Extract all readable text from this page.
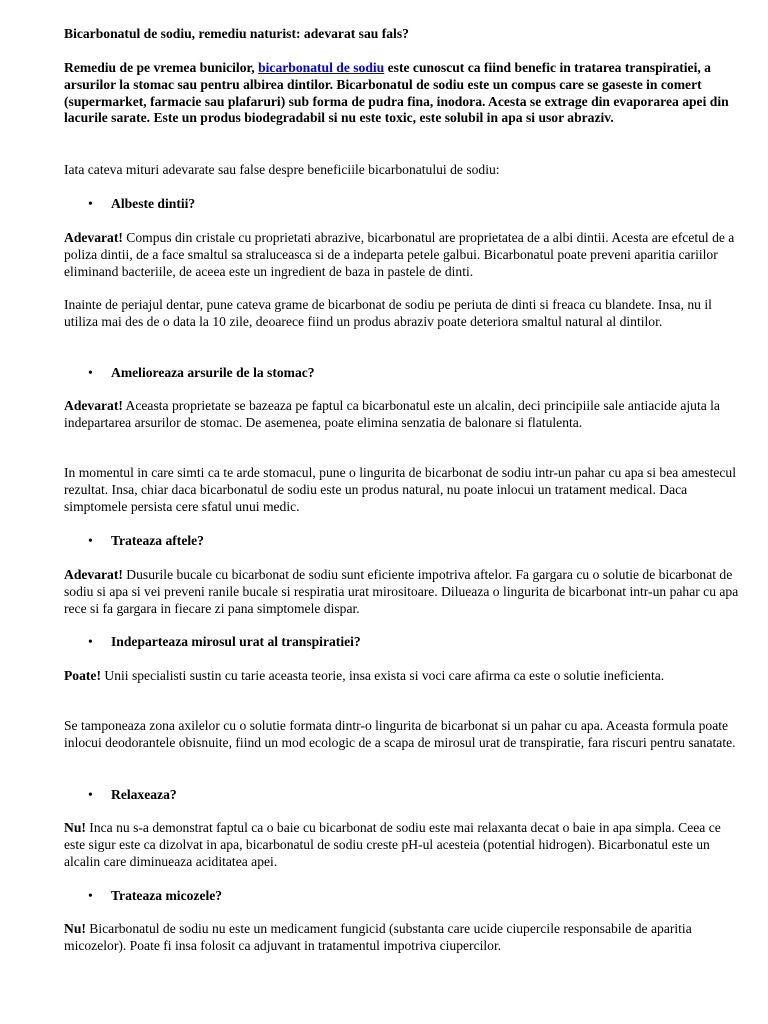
Bicarbonatul de sodiu, remediu naturist: adevarat sau fals?

Remediu de pe vremea bunicilor, bicarbonatul de sodiu este cunoscut ca fiind benefic in tratarea transpiratiei, a arsurilor la stomac sau pentru albirea dintilor. Bicarbonatul de sodiu este un compus care se gaseste in comert (supermarket, farmacie sau plafaruri) sub forma de pudra fina, inodora. Acesta se extrage din evaporarea apei din lacurile sarate. Este un produs biodegradabil si nu este toxic, este solubil in apa si usor abraziv.

Iata cateva mituri adevarate sau false despre beneficiile bicarbonatului de sodiu:

• Albeste dintii?

Adevarat! Compus din cristale cu proprietati abrazive, bicarbonatul are proprietatea de a albi dintii. Acesta are efcetul de a poliza dintii, de a face smaltul sa straluceasca si de a indeparta petele galbui. Bicarbonatul poate preveni aparitia cariilor eliminand bacteriile, de aceea este un ingredient de baza in pastele de dinti.

Inainte de periajul dentar, pune cateva grame de bicarbonat de sodiu pe periuta de dinti si freaca cu blandete. Insa, nu il utiliza mai des de o data la 10 zile, deoarece fiind un produs abraziv poate deteriora smaltul natural al dintilor.

• Amelioreaza arsurile de la stomac?

Adevarat! Aceasta proprietate se bazeaza pe faptul ca bicarbonatul este un alcalin, deci principiile sale antiacide ajuta la indepartarea arsurilor de stomac. De asemenea, poate elimina senzatia de balonare si flatulenta.

In momentul in care simti ca te arde stomacul, pune o lingurita de bicarbonat de sodiu intr-un pahar cu apa si bea amestecul rezultat. Insa, chiar daca bicarbonatul de sodiu este un produs natural, nu poate inlocui un tratament medical. Daca simptomele persista cere sfatul unui medic.

• Trateaza aftele?

Adevarat! Dusurile bucale cu bicarbonat de sodiu sunt eficiente impotriva aftelor. Fa gargara cu o solutie de bicarbonat de sodiu si apa si vei preveni ranile bucale si respiratia urat mirositoare. Dilueaza o lingurita de bicarbonat intr-un pahar cu apa rece si fa gargara in fiecare zi pana simptomele dispar.

• Indeparteaza mirosul urat al transpiratiei?

Poate! Unii specialisti sustin cu tarie aceasta teorie, insa exista si voci care afirma ca este o solutie ineficienta.

Se tamponeaza zona axilelor cu o solutie formata dintr-o lingurita de bicarbonat si un pahar cu apa. Aceasta formula poate inlocui deodorantele obisnuite, fiind un mod ecologic de a scapa de mirosul urat de transpiratie, fara riscuri pentru sanatate.

• Relaxeaza?

Nu! Inca nu s-a demonstrat faptul ca o baie cu bicarbonat de sodiu este mai relaxanta decat o baie in apa simpla. Ceea ce este sigur este ca dizolvat in apa, bicarbonatul de sodiu creste pH-ul acesteia (potential hidrogen). Bicarbonatul este un alcalin care diminueaza aciditatea apei.

• Trateaza micozele?

Nu! Bicarbonatul de sodiu nu este un medicament fungicid (substanta care ucide ciupercile responsabile de aparitia micozelor). Poate fi insa folosit ca adjuvant in tratamentul impotriva ciupercilor.
